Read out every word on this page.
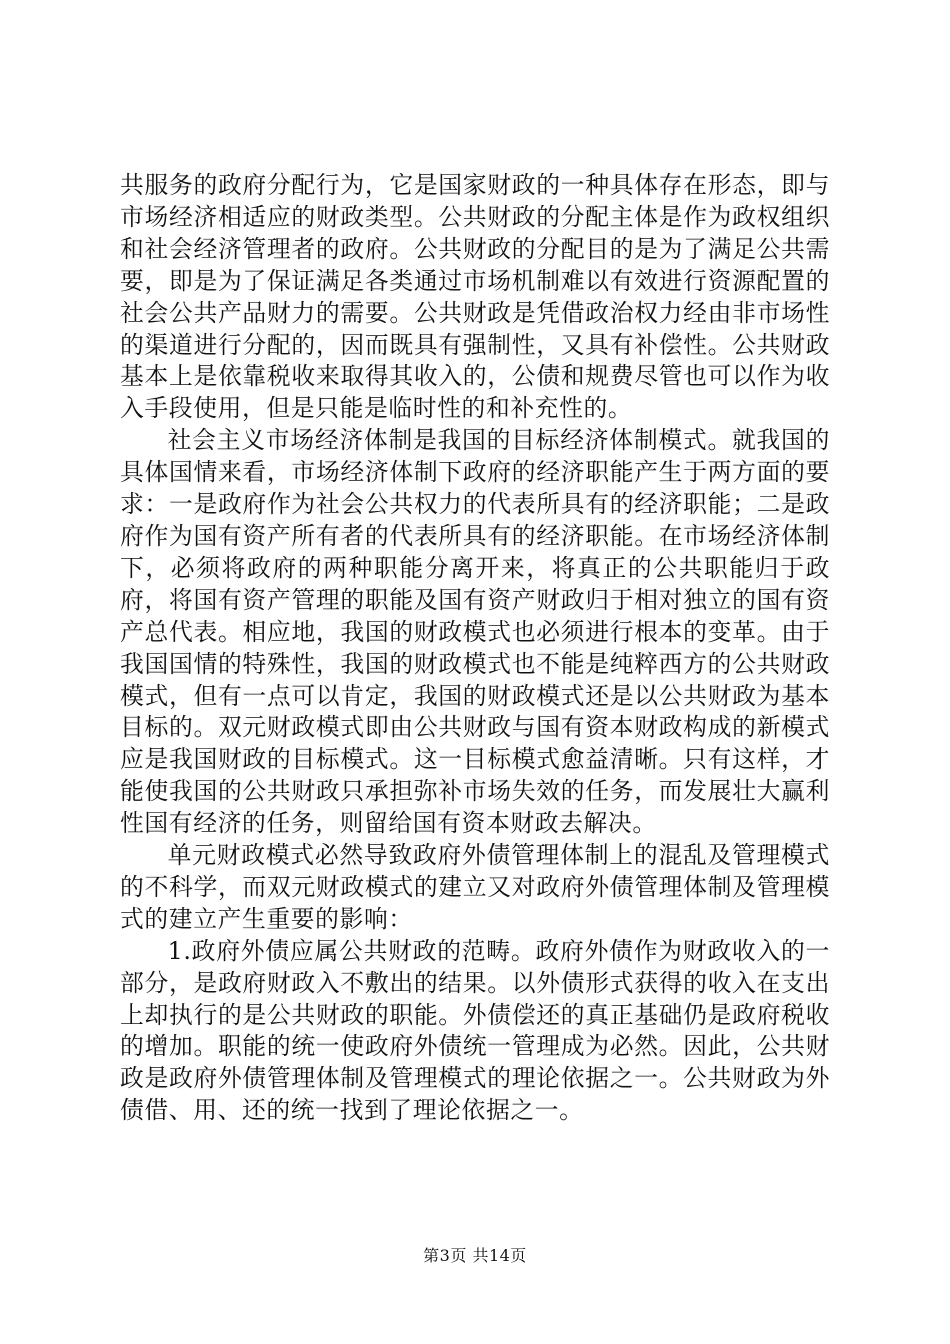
共服务的政府分配行为，它是国家财政的一种具体存在形态，即与市场经济相适应的财政类型。公共财政的分配主体是作为政权组织和社会经济管理者的政府。公共财政的分配目的是为了满足公共需要，即是为了保证满足各类通过市场机制难以有效进行资源配置的社会公共产品财力的需要。公共财政是凭借政治权力经由非市场性的渠道进行分配的，因而既具有强制性，又具有补偿性。公共财政基本上是依靠税收来取得其收入的，公债和规费尽管也可以作为收入手段使用，但是只能是临时性的和补充性的。

社会主义市场经济体制是我国的目标经济体制模式。就我国的具体国情来看，市场经济体制下政府的经济职能产生于两方面的要求：一是政府作为社会公共权力的代表所具有的经济职能；二是政府作为国有资产所有者的代表所具有的经济职能。在市场经济体制下，必须将政府的两种职能分离开来，将真正的公共职能归于政府，将国有资产管理的职能及国有资产财政归于相对独立的国有资产总代表。相应地，我国的财政模式也必须进行根本的变革。由于我国国情的特殊性，我国的财政模式也不能是纯粹西方的公共财政模式，但有一点可以肯定，我国的财政模式还是以公共财政为基本目标的。双元财政模式即由公共财政与国有资本财政构成的新模式应是我国财政的目标模式。这一目标模式愈益清晰。只有这样，才能使我国的公共财政只承担弥补市场失效的任务，而发展壮大赢利性国有经济的任务，则留给国有资本财政去解决。

单元财政模式必然导致政府外债管理体制上的混乱及管理模式的不科学，而双元财政模式的建立又对政府外债管理体制及管理模式的建立产生重要的影响：

1.政府外债应属公共财政的范畴。政府外债作为财政收入的一部分，是政府财政入不敷出的结果。以外债形式获得的收入在支出上却执行的是公共财政的职能。外债偿还的真正基础仍是政府税收的增加。职能的统一使政府外债统一管理成为必然。因此，公共财政是政府外债管理体制及管理模式的理论依据之一。公共财政为外债借、用、还的统一找到了理论依据之一。

第3页 共14页
